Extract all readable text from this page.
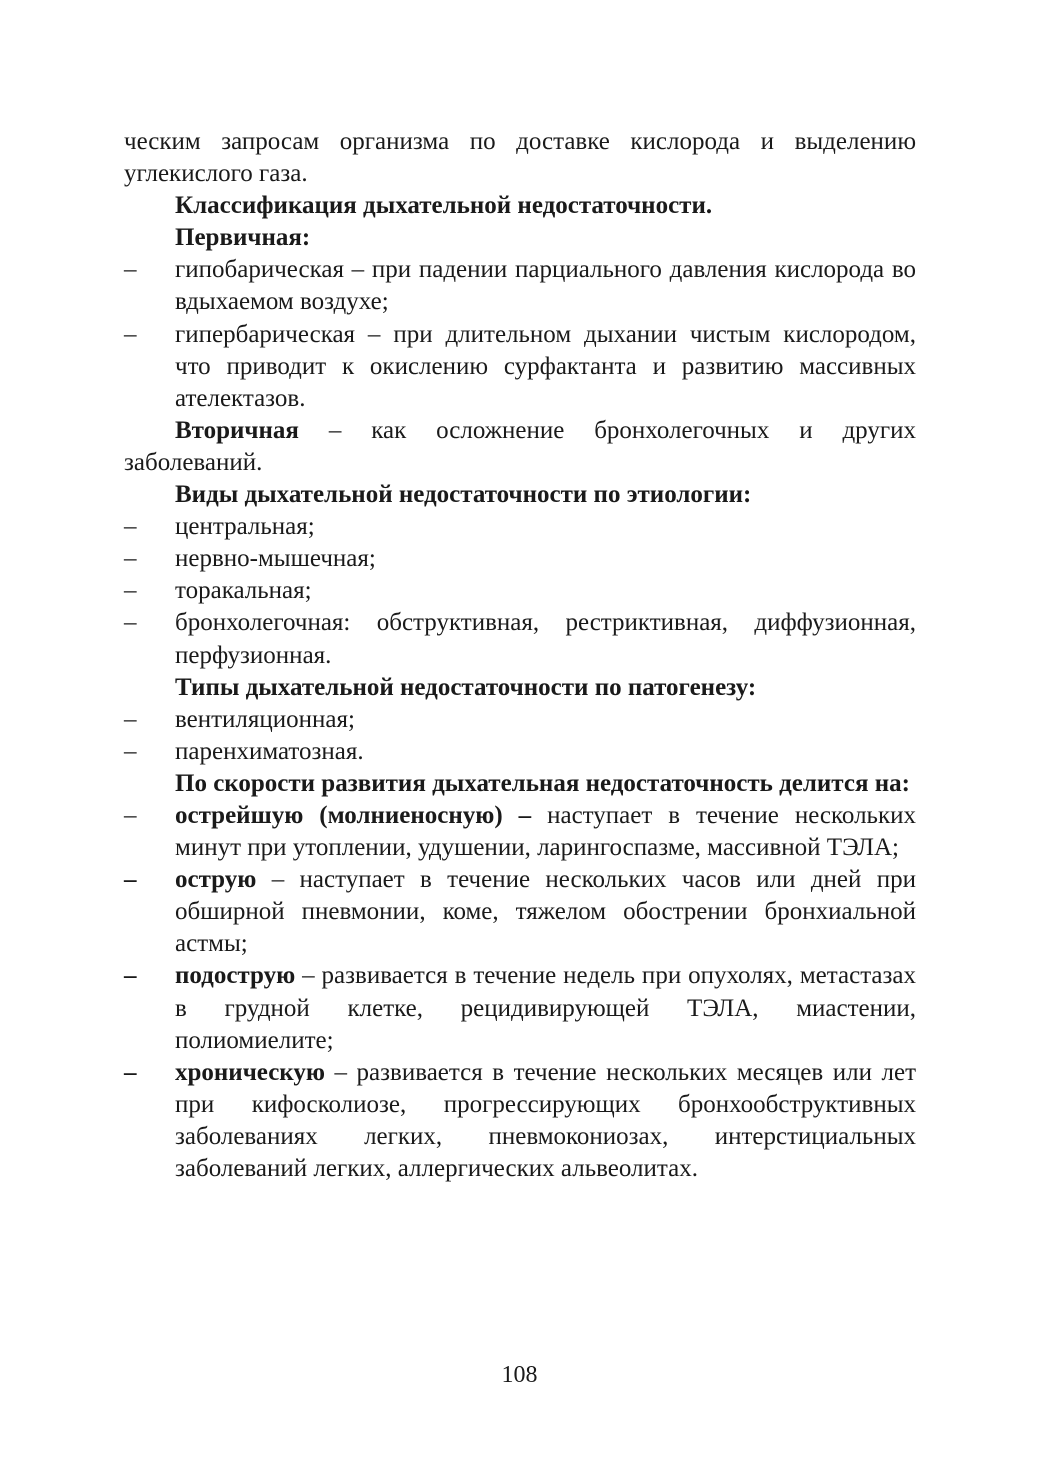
ческим запросам организма по доставке кислорода и выделению углекислого газа.

Классификация дыхательной недостаточности.

Первичная:

– гипобарическая – при падении парциального давления кислорода во вдыхаемом воздухе;

– гипербарическая – при длительном дыхании чистым кислородом, что приводит к окислению сурфактанта и развитию массивных ателектазов.

Вторичная – как осложнение бронхолегочных и других заболеваний.

Виды дыхательной недостаточности по этиологии:

– центральная;

– нервно-мышечная;

– торакальная;

– бронхолегочная: обструктивная, рестриктивная, диффузионная, перфузионная.

Типы дыхательной недостаточности по патогенезу:

– вентиляционная;

– паренхиматозная.

По скорости развития дыхательная недостаточность делится на:

– острейшую (молниеносную) – наступает в течение нескольких минут при утоплении, удушении, ларингоспазме, массивной ТЭЛА;

– острую – наступает в течение нескольких часов или дней при обширной пневмонии, коме, тяжелом обострении бронхиальной астмы;

– подострую – развивается в течение недель при опухолях, метастазах в грудной клетке, рецидивирующей ТЭЛА, миастении, полиомиелите;

– хроническую – развивается в течение нескольких месяцев или лет при кифосколиозе, прогрессирующих бронхообструктивных заболеваниях легких, пневмокониозах, интерстициальных заболеваний легких, аллергических альвеолитах.

108
